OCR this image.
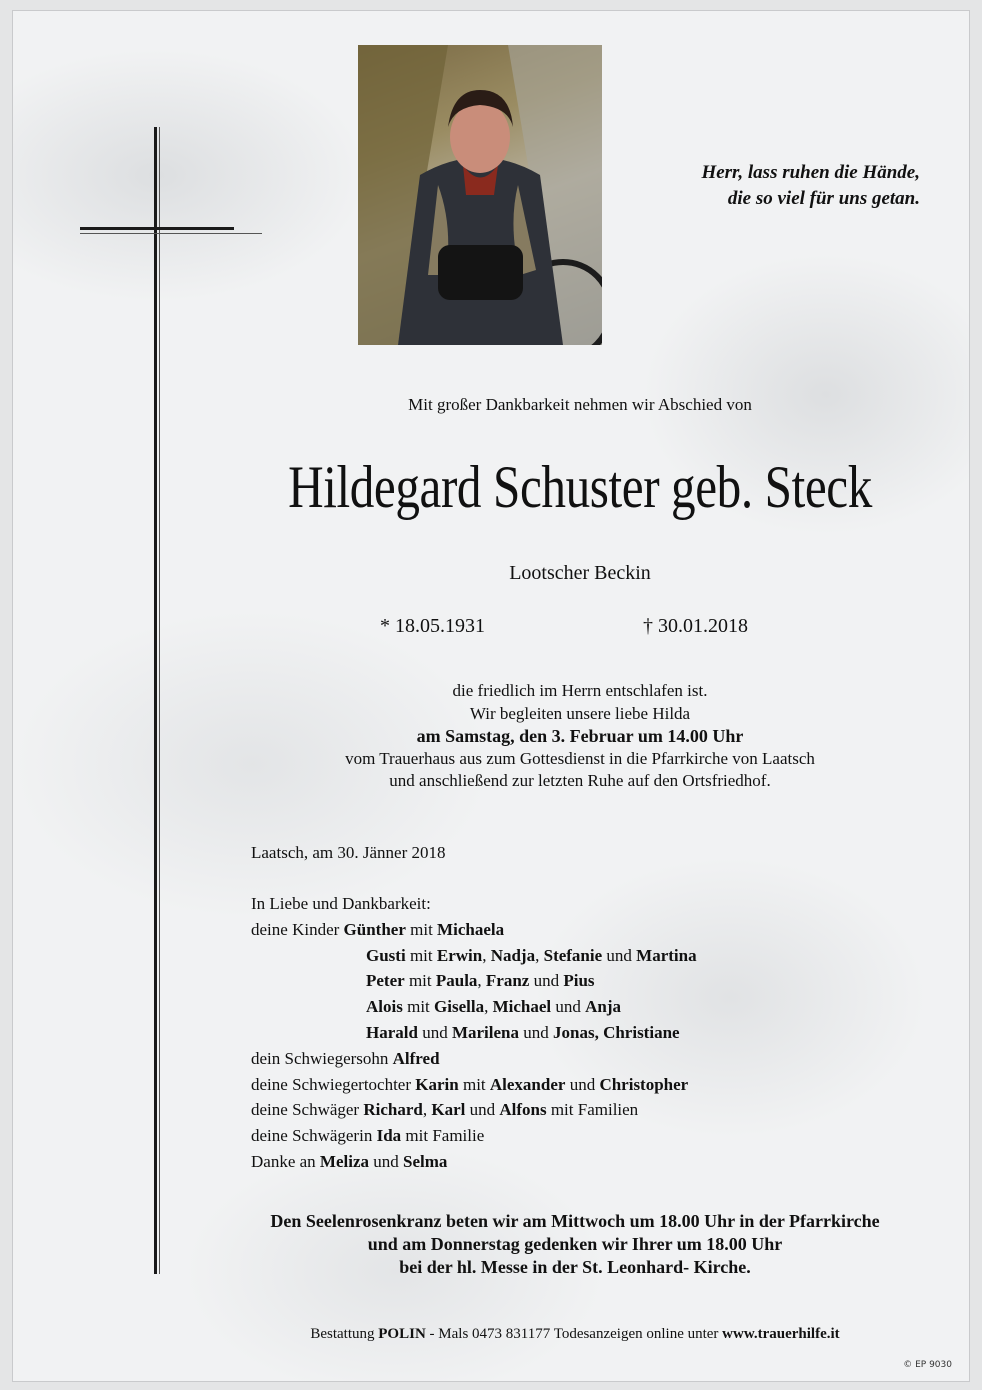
Herr, lass ruhen die Hände,
die so viel für uns getan.
Mit großer Dankbarkeit nehmen wir Abschied von
Hildegard Schuster geb. Steck
Lootscher Beckin
* 18.05.1931	† 30.01.2018
die friedlich im Herrn entschlafen ist.
Wir begleiten unsere liebe Hilda
am Samstag, den 3. Februar um 14.00 Uhr
vom Trauerhaus aus zum Gottesdienst in die Pfarrkirche von Laatsch
und anschließend zur letzten Ruhe auf den Ortsfriedhof.
Laatsch, am 30. Jänner 2018
In Liebe und Dankbarkeit:
deine Kinder Günther mit Michaela
Gusti mit Erwin, Nadja, Stefanie und Martina
Peter mit Paula, Franz und Pius
Alois mit Gisella, Michael und Anja
Harald und Marilena und Jonas, Christiane
dein Schwiegersohn Alfred
deine Schwiegertochter Karin mit Alexander und Christopher
deine Schwäger Richard, Karl und Alfons mit Familien
deine Schwägerin Ida mit Familie
Danke an Meliza und Selma
Den Seelenrosenkranz beten wir am Mittwoch um 18.00 Uhr in der Pfarrkirche
und am Donnerstag gedenken wir Ihrer um 18.00 Uhr
bei der hl. Messe in der St. Leonhard- Kirche.
Bestattung POLIN - Mals 0473 831177 Todesanzeigen online unter www.trauerhilfe.it
© EP 9030
